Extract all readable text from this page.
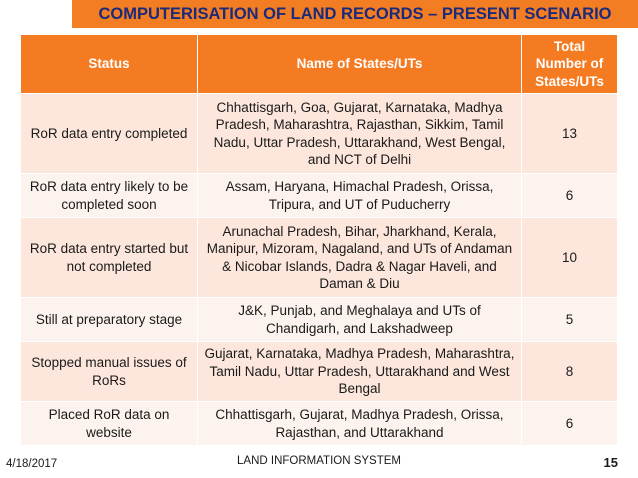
COMPUTERISATION OF LAND RECORDS – PRESENT SCENARIO
Status	Name of States/UTs	Total Number of States/UTs
RoR data entry completed	Chhattisgarh, Goa, Gujarat, Karnataka, Madhya Pradesh, Maharashtra, Rajasthan, Sikkim, Tamil Nadu, Uttar Pradesh, Uttarakhand, West Bengal, and NCT of Delhi	13
RoR data entry likely to be completed soon	Assam, Haryana, Himachal Pradesh, Orissa, Tripura, and UT of Puducherry	6
RoR data entry started but not completed	Arunachal Pradesh, Bihar, Jharkhand, Kerala, Manipur, Mizoram, Nagaland, and UTs of Andaman & Nicobar Islands, Dadra & Nagar Haveli, and Daman & Diu	10
Still at preparatory stage	J&K, Punjab, and Meghalaya and UTs of Chandigarh, and Lakshadweep	5
Stopped manual issues of RoRs	Gujarat, Karnataka, Madhya Pradesh, Maharashtra, Tamil Nadu, Uttar Pradesh, Uttarakhand and West Bengal	8
Placed RoR data on website	Chhattisgarh, Gujarat, Madhya Pradesh, Orissa, Rajasthan, and Uttarakhand	6
4/18/2017	LAND INFORMATION SYSTEM	15
